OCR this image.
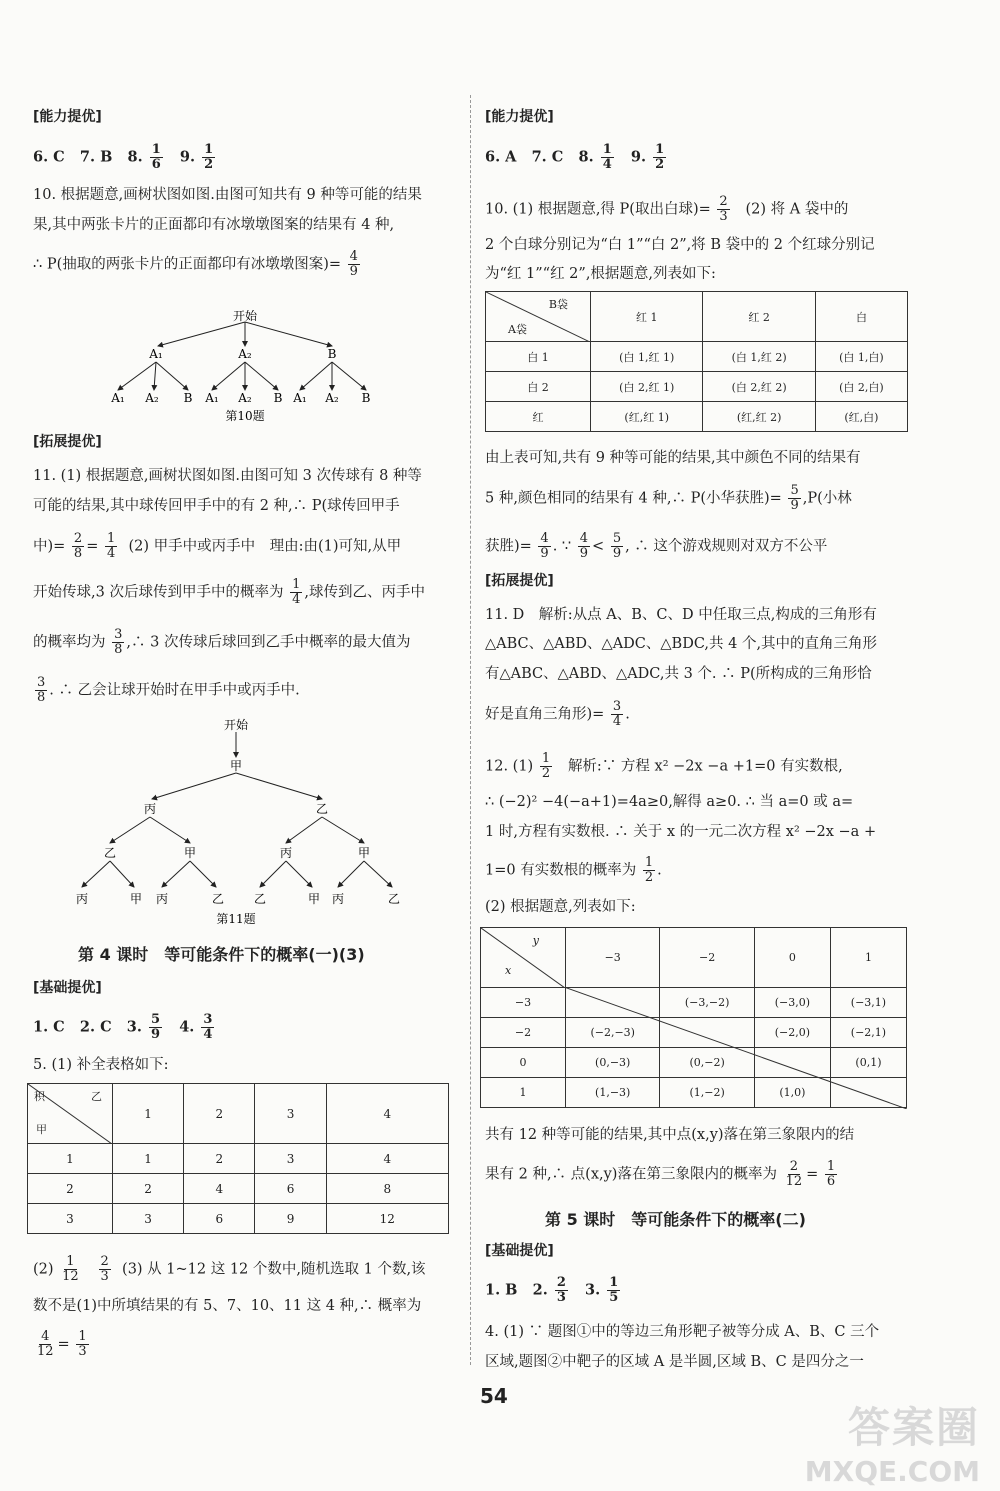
[ 能力提优]
6. C 7. B 8. $\frac{1}{6} 9$. $\frac{1}{2}$
10. 根据题意,画树状图如图.由图可知共有 9 种等可能的结果
果,其中两张卡片的正面都印有冰墩墩图案的结果有 4 种,
∴ P(抽取的两张卡片的正面都印有冰墩墩图案)= $\frac{4}{9}$
开始
A₁	A₂	B
A₁ A₂ B A₁ A₂ B A₁ A₂ B
第10题
[ 拓展提优]
11. (1) 根据题意,画树状图如图.由图可知 3 次传球有 8 种等
可能的结果,其中球传回甲手中的有 2 种,∴ P(球传回甲手
中)= $\frac{2}{8} = \frac{1}{4} (2)$ 甲手中或丙手中　理由:由(1)可知,从甲
开始传球,3 次后球传到甲手中的概率为 $\frac{1}{4}$ ,球传到乙、丙手中
的概率均为 $\frac{3}{8}$ ,∴ 3 次传球后球回到乙手中概率的最大值为
$\frac{3}{8}$ . ∴ 乙会让球开始时在甲手中或丙手中.
开始
甲
丙	乙
乙	甲	丙	甲
丙	甲 丙	乙 乙	甲 丙	乙
第11题
第 4 课时　等可能条件下的概率(一)(3)
[ 基础提优]
1. C 2. C 3. $\frac{5}{9} 4$. $\frac{3}{4}$
5. (1) 补全表格如下:
积 乙
甲	1	2	3	4
1	1	2	3	4
2	2	4	6	8
3	3	6	9	12
$(2) \frac{1}{12}$
$\frac{2}{3} (3)$ 从 1~12 这 12 个数中,随机选取 1 个数,该
数不是(1)中所填结果的有 5、7、10、11 这 4 种,∴ 概率为
$\frac{4}{12} = \frac{1}{3}$
[ 能力提优]
6. A 7. C 8. $\frac{1}{4} 9$. $\frac{1}{2}$
10. (1) 根据题意,得 P(取出白球)= $\frac{2}{3} (2)$ 将 A 袋中的
2 个白球分别记为“白 1”“白 2”,将 B 袋中的 2 个红球分别记
为“红 1”“红 2”,根据题意,列表如下:
B袋
A袋	红 1	红 2	白
白 1	(白 1,红 1)	(白 1,红 2)	(白 1,白)
白 2	(白 2,红 1)	(白 2,红 2)	(白 2,白)
红	(红,红 1)	(红,红 2)	(红,白)
由上表可知,共有 9 种等可能的结果,其中颜色不同的结果有
5 种,颜色相同的结果有 4 种,∴ P(小华获胜)= $\frac{5}{9} ,P$(小林
获胜)= $\frac{4}{9}$ . ∵ $\frac{4}{9} < \frac{5}{9}$ , ∴ 这个游戏规则对双方不公平
[ 拓展提优]
11. D　解析:从点 A、B、C、D 中任取三点,构成的三角形有
△ABC、△ABD、△ADC、△BDC,共 4 个,其中的直角三角形
有△ABC、△ABD、△ADC,共 3 个. ∴ P(所构成的三角形恰
好是直角三角形)= $\frac{3}{4}$ .
12. $(1) \frac{1}{2}$ 解析:∵ 方程 x² −2x −a +1=0 有实数根,
∴ (−2)² −4(−a+1)=4a≥0,解得 a≥0. ∴ 当 a=0 或 a=
1 时,方程有实数根. ∴ 关于 x 的一元二次方程 x² −2x −a +
1=0 有实数根的概率为 $\frac{1}{2}$ .
(2) 根据题意,列表如下:
y
x	−3	−2	0	1
−3		(−3,−2)	(−3,0)	(−3,1)
−2	(−2,−3)		(−2,0)	(−2,1)
0	(0,−3)	(0,−2)		(0,1)
1	(1,−3)	(1,−2)	(1,0)	
共有 12 种等可能的结果,其中点(x,y)落在第三象限内的结
果有 2 种,∴ 点(x,y)落在第三象限内的概率为 $\frac{2}{12} = \frac{1}{6}$
第 5 课时　等可能条件下的概率(二)
[ 基础提优]
1. B 2. $\frac{2}{3} 3$. $\frac{1}{5}$
4. (1) ∵ 题图①中的等边三角形靶子被等分成 A、B、C 三个
区域,题图②中靶子的区域 A 是半圆,区域 B、C 是四分之一
54
答案圈
MXQE.COM
